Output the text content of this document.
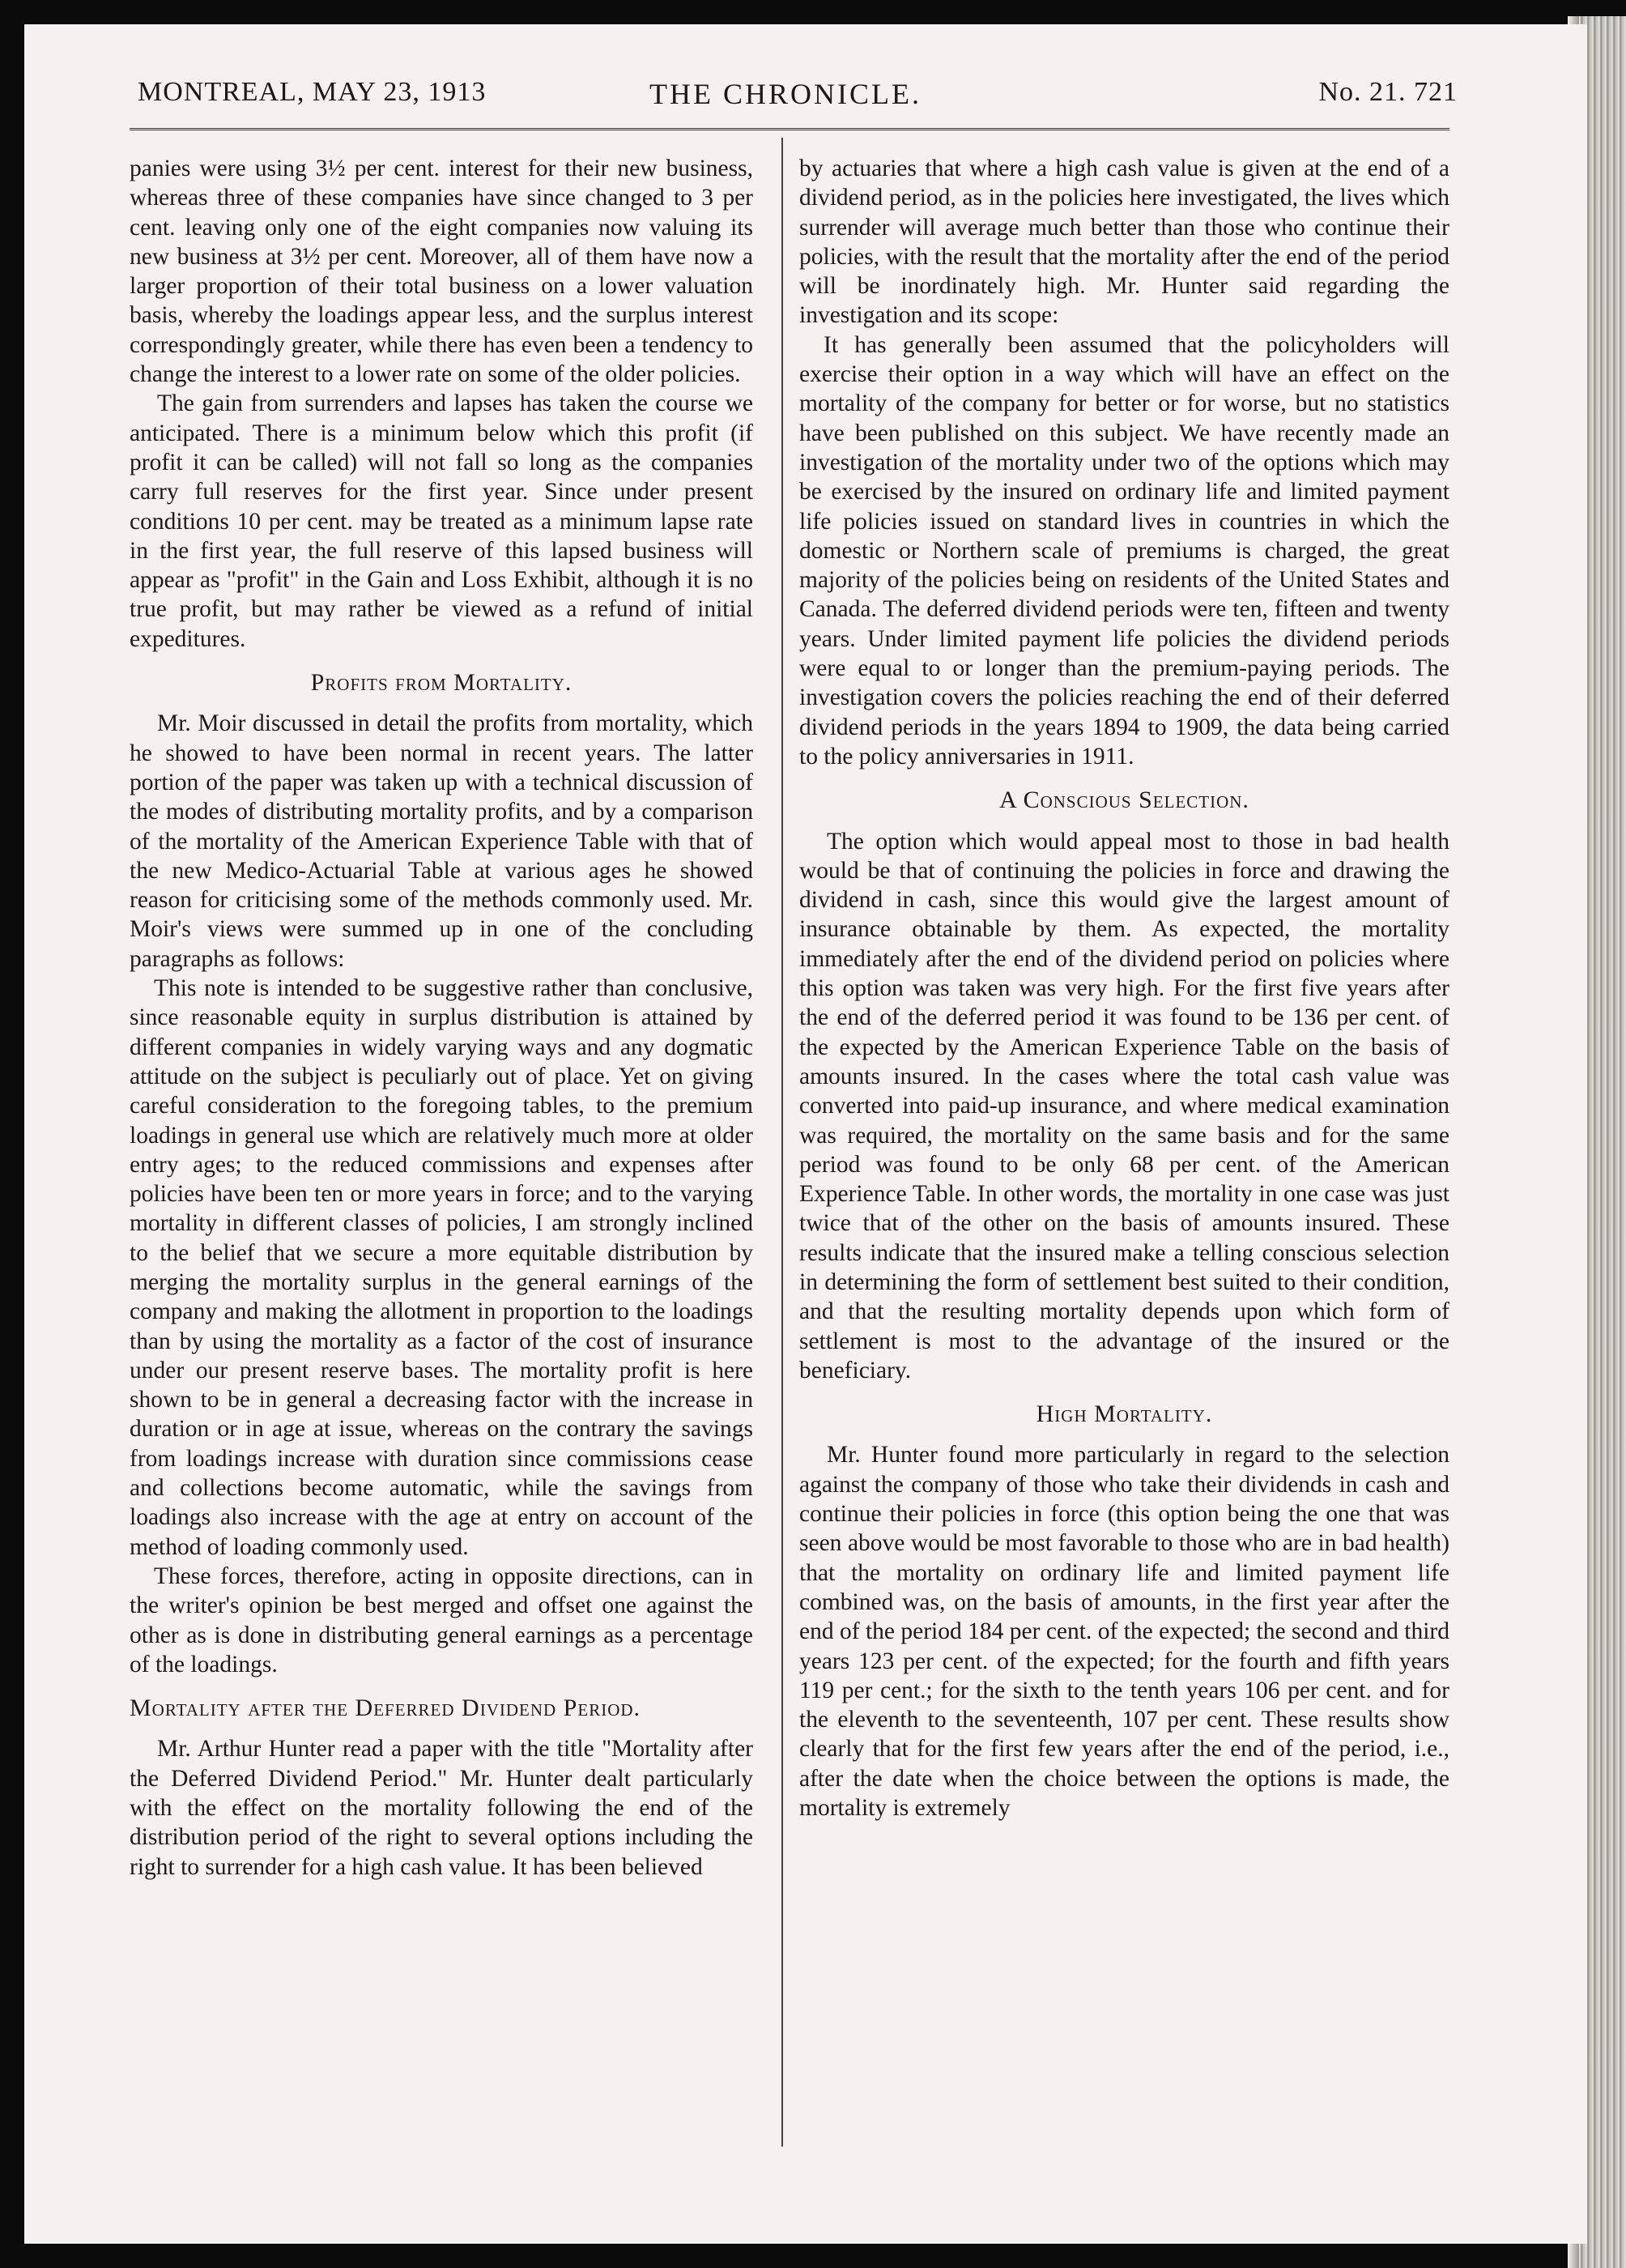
MONTREAL, MAY 23, 1913	THE CHRONICLE.	No. 21. 721

panies were using 3½ per cent. interest for their new business, whereas three of these companies have since changed to 3 per cent. leaving only one of the eight companies now valuing its new business at 3½ per cent. Moreover, all of them have now a larger proportion of their total business on a lower valuation basis, whereby the loadings appear less, and the surplus interest correspondingly greater, while there has even been a tendency to change the interest to a lower rate on some of the older policies.

The gain from surrenders and lapses has taken the course we anticipated. There is a minimum below which this profit (if profit it can be called) will not fall so long as the companies carry full reserves for the first year. Since under present conditions 10 per cent. may be treated as a minimum lapse rate in the first year, the full reserve of this lapsed business will appear as "profit" in the Gain and Loss Exhibit, although it is no true profit, but may rather be viewed as a refund of initial expeditures.

Profits from Mortality.

Mr. Moir discussed in detail the profits from mortality, which he showed to have been normal in recent years. The latter portion of the paper was taken up with a technical discussion of the modes of distributing mortality profits, and by a comparison of the mortality of the American Experience Table with that of the new Medico-Actuarial Table at various ages he showed reason for criticising some of the methods commonly used. Mr. Moir's views were summed up in one of the concluding paragraphs as follows:

This note is intended to be suggestive rather than conclusive, since reasonable equity in surplus distribution is attained by different companies in widely varying ways and any dogmatic attitude on the subject is peculiarly out of place. Yet on giving careful consideration to the foregoing tables, to the premium loadings in general use which are relatively much more at older entry ages; to the reduced commissions and expenses after policies have been ten or more years in force; and to the varying mortality in different classes of policies, I am strongly inclined to the belief that we secure a more equitable distribution by merging the mortality surplus in the general earnings of the company and making the allotment in proportion to the loadings than by using the mortality as a factor of the cost of insurance under our present reserve bases. The mortality profit is here shown to be in general a decreasing factor with the increase in duration or in age at issue, whereas on the contrary the savings from loadings increase with duration since commissions cease and collections become automatic, while the savings from loadings also increase with the age at entry on account of the method of loading commonly used.

These forces, therefore, acting in opposite directions, can in the writer's opinion be best merged and offset one against the other as is done in distributing general earnings as a percentage of the loadings.

Mortality after the Deferred Dividend Period.

Mr. Arthur Hunter read a paper with the title "Mortality after the Deferred Dividend Period." Mr. Hunter dealt particularly with the effect on the mortality following the end of the distribution period of the right to several options including the right to surrender for a high cash value. It has been believed

by actuaries that where a high cash value is given at the end of a dividend period, as in the policies here investigated, the lives which surrender will average much better than those who continue their policies, with the result that the mortality after the end of the period will be inordinately high. Mr. Hunter said regarding the investigation and its scope:

It has generally been assumed that the policyholders will exercise their option in a way which will have an effect on the mortality of the company for better or for worse, but no statistics have been published on this subject. We have recently made an investigation of the mortality under two of the options which may be exercised by the insured on ordinary life and limited payment life policies issued on standard lives in countries in which the domestic or Northern scale of premiums is charged, the great majority of the policies being on residents of the United States and Canada. The deferred dividend periods were ten, fifteen and twenty years. Under limited payment life policies the dividend periods were equal to or longer than the premium-paying periods. The investigation covers the policies reaching the end of their deferred dividend periods in the years 1894 to 1909, the data being carried to the policy anniversaries in 1911.

A Conscious Selection.

The option which would appeal most to those in bad health would be that of continuing the policies in force and drawing the dividend in cash, since this would give the largest amount of insurance obtainable by them. As expected, the mortality immediately after the end of the dividend period on policies where this option was taken was very high. For the first five years after the end of the deferred period it was found to be 136 per cent. of the expected by the American Experience Table on the basis of amounts insured. In the cases where the total cash value was converted into paid-up insurance, and where medical examination was required, the mortality on the same basis and for the same period was found to be only 68 per cent. of the American Experience Table. In other words, the mortality in one case was just twice that of the other on the basis of amounts insured. These results indicate that the insured make a telling conscious selection in determining the form of settlement best suited to their condition, and that the resulting mortality depends upon which form of settlement is most to the advantage of the insured or the beneficiary.

High Mortality.

Mr. Hunter found more particularly in regard to the selection against the company of those who take their dividends in cash and continue their policies in force (this option being the one that was seen above would be most favorable to those who are in bad health) that the mortality on ordinary life and limited payment life combined was, on the basis of amounts, in the first year after the end of the period 184 per cent. of the expected; the second and third years 123 per cent. of the expected; for the fourth and fifth years 119 per cent.; for the sixth to the tenth years 106 per cent. and for the eleventh to the seventeenth, 107 per cent. These results show clearly that for the first few years after the end of the period, i.e., after the date when the choice between the options is made, the mortality is extremely
